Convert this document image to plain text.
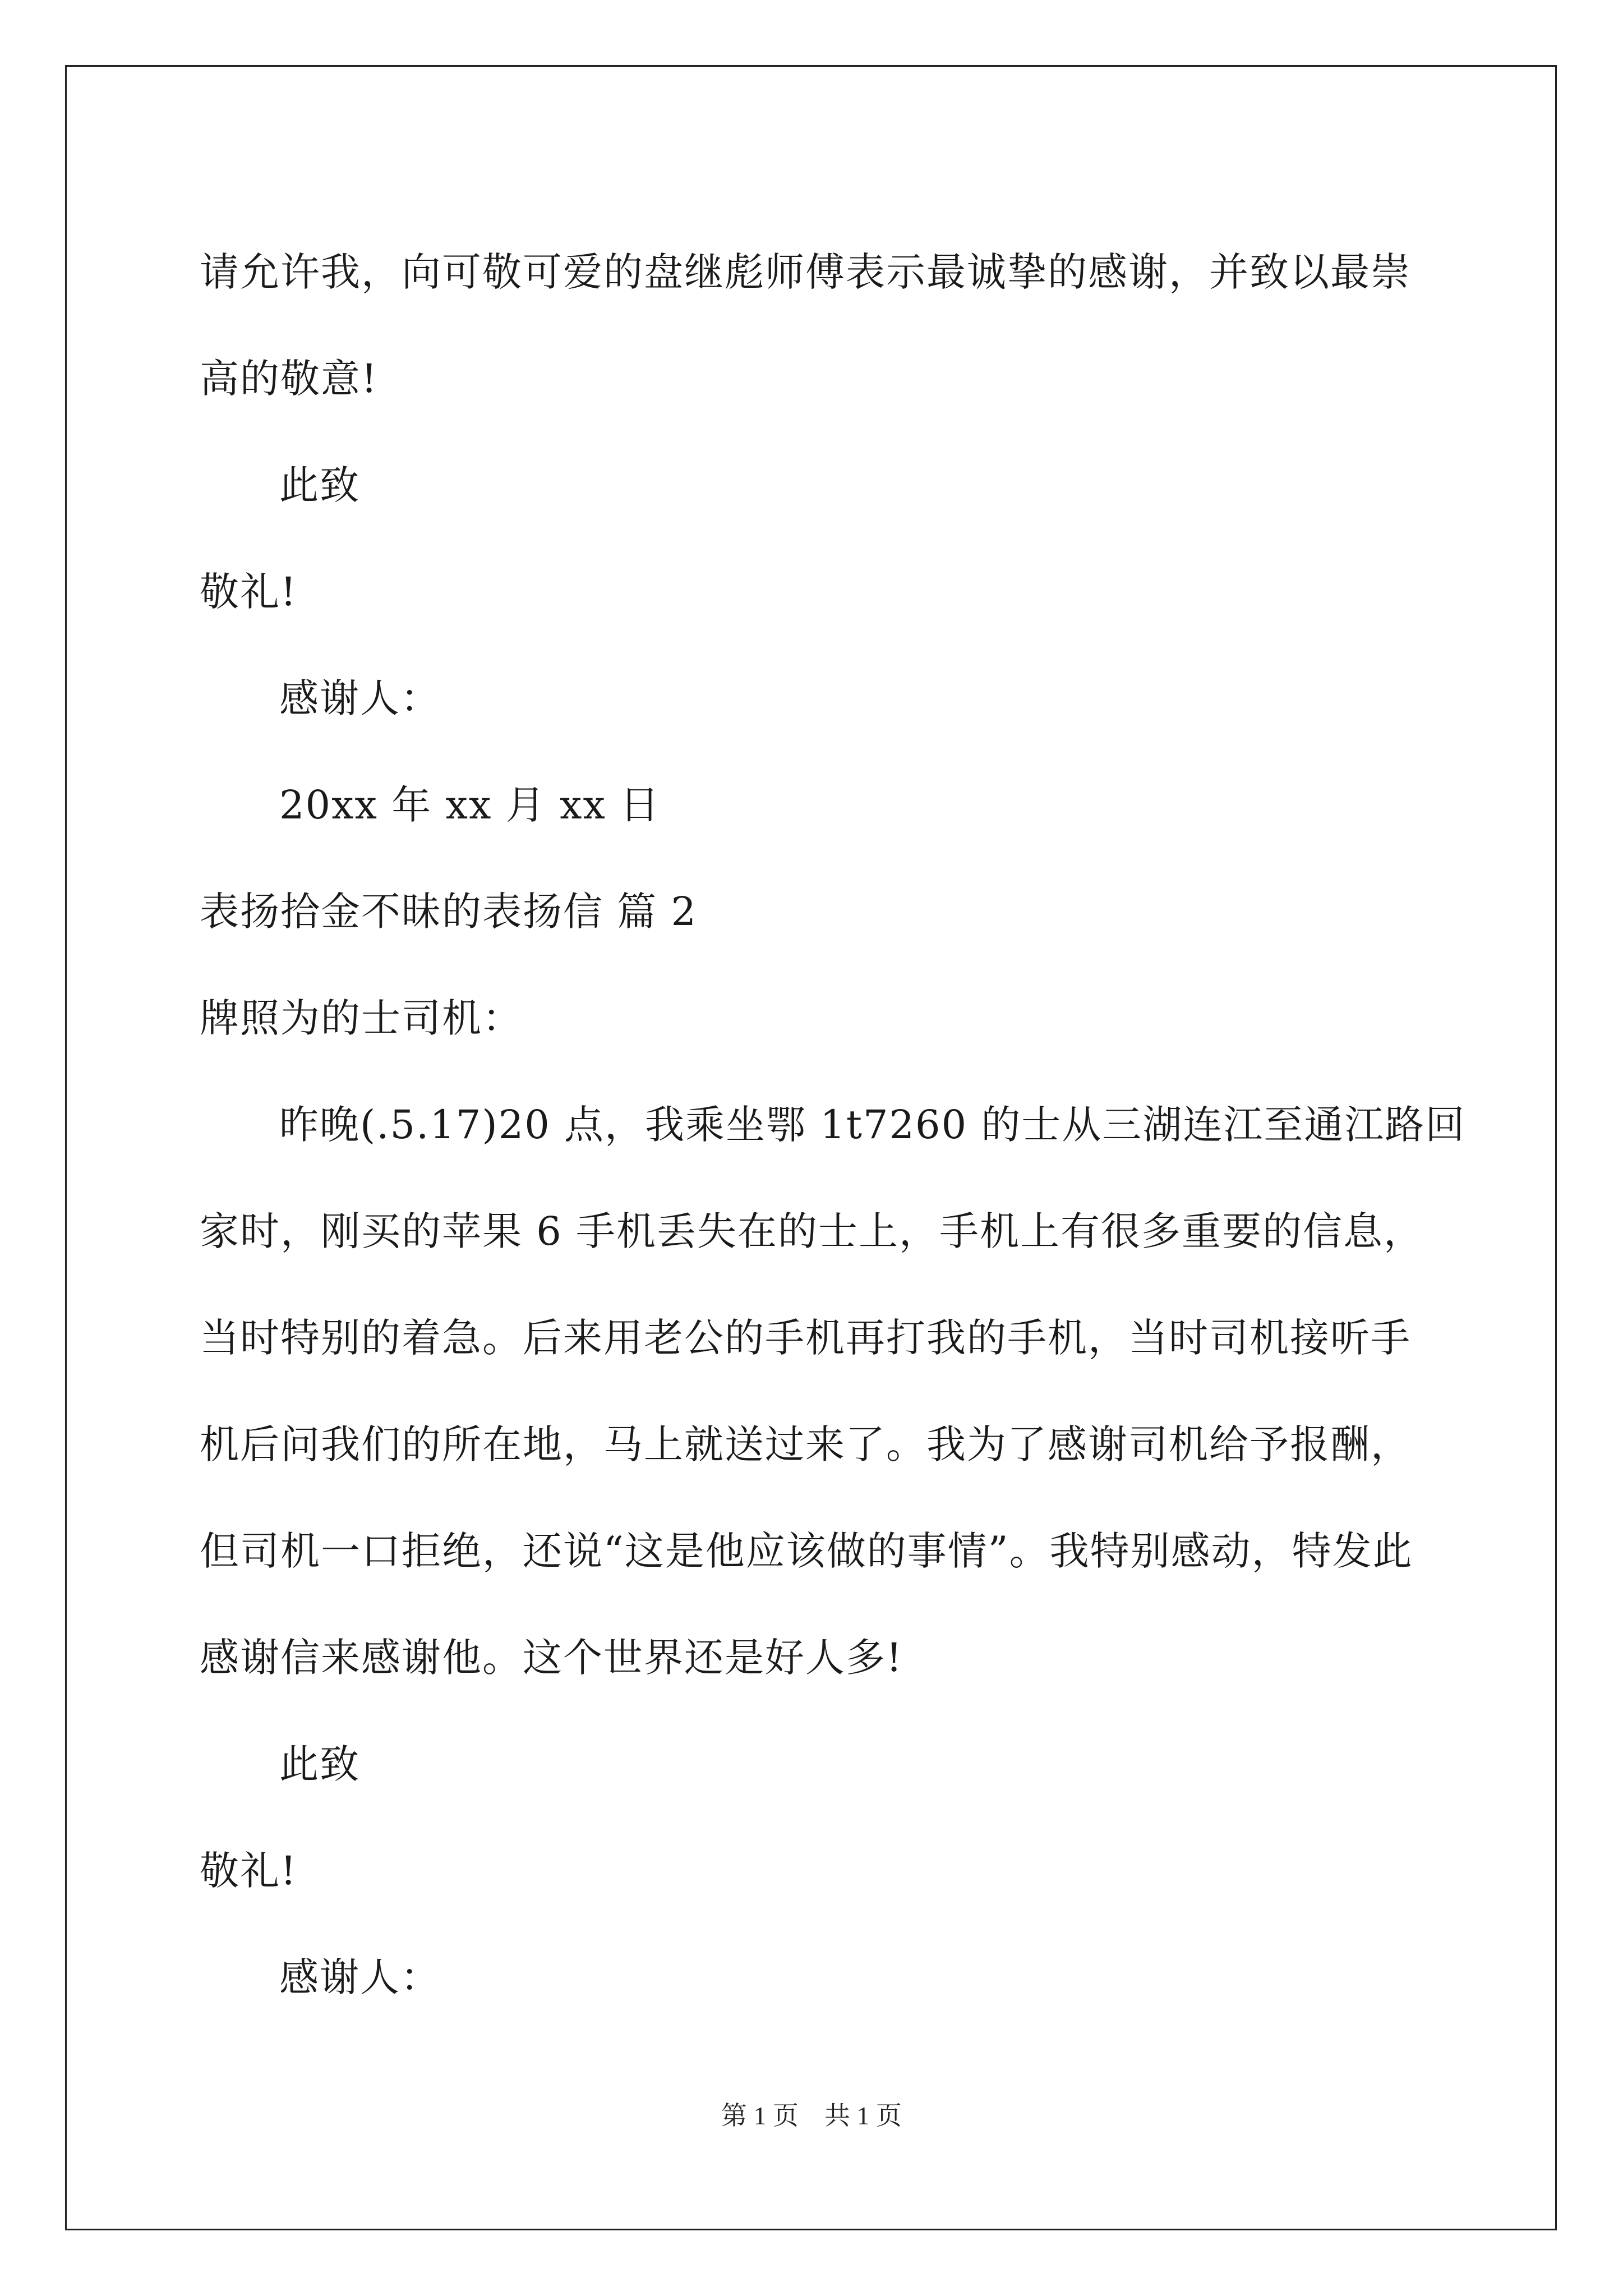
请允许我，向可敬可爱的盘继彪师傅表示最诚挚的感谢，并致以最崇
高的敬意!
此致
敬礼!
感谢人：
20xx 年 xx 月 xx 日
表扬拾金不昧的表扬信 篇 2
牌照为的士司机：
昨晚(.5.17)20 点，我乘坐鄂 1t7260 的士从三湖连江至通江路回
家时，刚买的苹果 6 手机丢失在的士上，手机上有很多重要的信息，
当时特别的着急。后来用老公的手机再打我的手机，当时司机接听手
机后问我们的所在地，马上就送过来了。我为了感谢司机给予报酬，
但司机一口拒绝，还说“这是他应该做的事情”。我特别感动，特发此
感谢信来感谢他。这个世界还是好人多!
此致
敬礼!
感谢人：
第 1 页    共 1 页
